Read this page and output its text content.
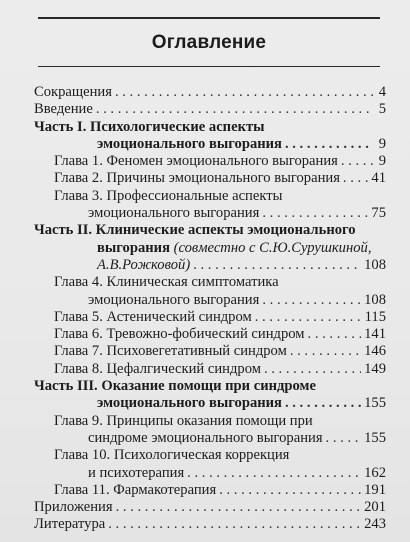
Оглавление
Сокращения . . .	4
Введение . . .	5
Часть I. Психологические аспекты
эмоционального выгорания . . .	9
Глава 1. Феномен эмоционального выгорания . . .	9
Глава 2. Причины эмоционального выгорания . . . 41
Глава 3. Профессиональные аспекты
эмоционального выгорания . . .	75
Часть II. Клинические аспекты эмоционального
выгорания (совместно с С.Ю.Сурушкиной,
А.В.Рожковой) . . .	108
Глава 4. Клиническая симптоматика
эмоционального выгорания . . .	108
Глава 5. Астенический синдром . . .	115
Глава 6. Тревожно-фобический синдром . . .	141
Глава 7. Психовегетативный синдром . . .	146
Глава 8. Цефалгический синдром . . .	149
Часть III. Оказание помощи при синдроме
эмоционального выгорания . . .	155
Глава 9. Принципы оказания помощи при
синдроме эмоционального выгорания . . .	155
Глава 10. Психологическая коррекция
и психотерапия . . .	162
Глава 11. Фармакотерапия . . .	191
Приложения . . .	201
Литература . . .	243
